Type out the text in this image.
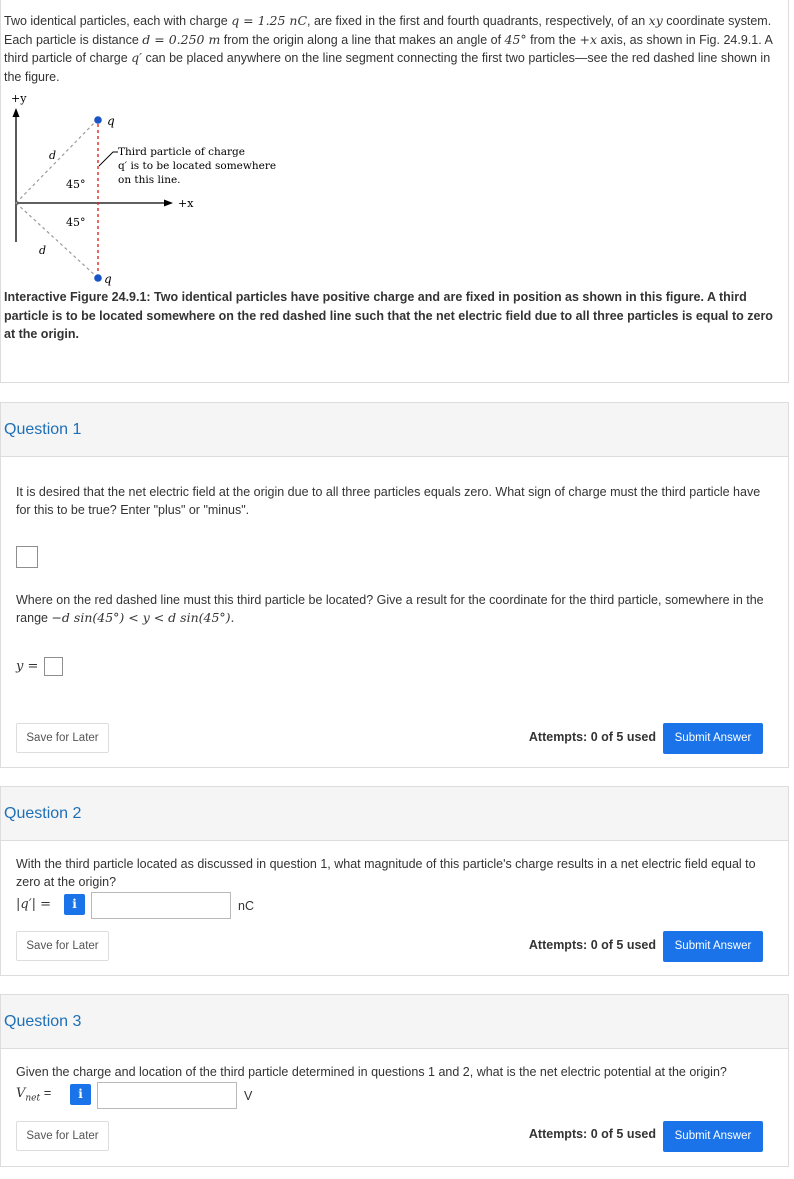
Two identical particles, each with charge q = 1.25 nC, are fixed in the first and fourth quadrants, respectively, of an xy coordinate system. Each particle is distance d = 0.250 m from the origin along a line that makes an angle of 45° from the +x axis, as shown in Fig. 24.9.1. A third particle of charge q′ can be placed anywhere on the line segment connecting the first two particles—see the red dashed line shown in the figure.
+y
+x
q
q
d
d
45°
45°
Third particle of charge
q′ is to be located somewhere
on this line.
Interactive Figure 24.9.1: Two identical particles have positive charge and are fixed in position as shown in this figure. A third particle is to be located somewhere on the red dashed line such that the net electric field due to all three particles is equal to zero at the origin.
Question 1
It is desired that the net electric field at the origin due to all three particles equals zero. What sign of charge must the third particle have for this to be true? Enter "plus" or "minus".
Where on the red dashed line must this third particle be located? Give a result for the coordinate for the third particle, somewhere in the range −d sin(45°) < y < d sin(45°).
y =
Save for Later	Attempts: 0 of 5 used	Submit Answer
Question 2
With the third particle located as discussed in question 1, what magnitude of this particle's charge results in a net electric field equal to zero at the origin?
|q′| =	i	nC
Save for Later	Attempts: 0 of 5 used	Submit Answer
Question 3
Given the charge and location of the third particle determined in questions 1 and 2, what is the net electric potential at the origin?
$V_{net}$ =	i	V
Save for Later	Attempts: 0 of 5 used	Submit Answer
